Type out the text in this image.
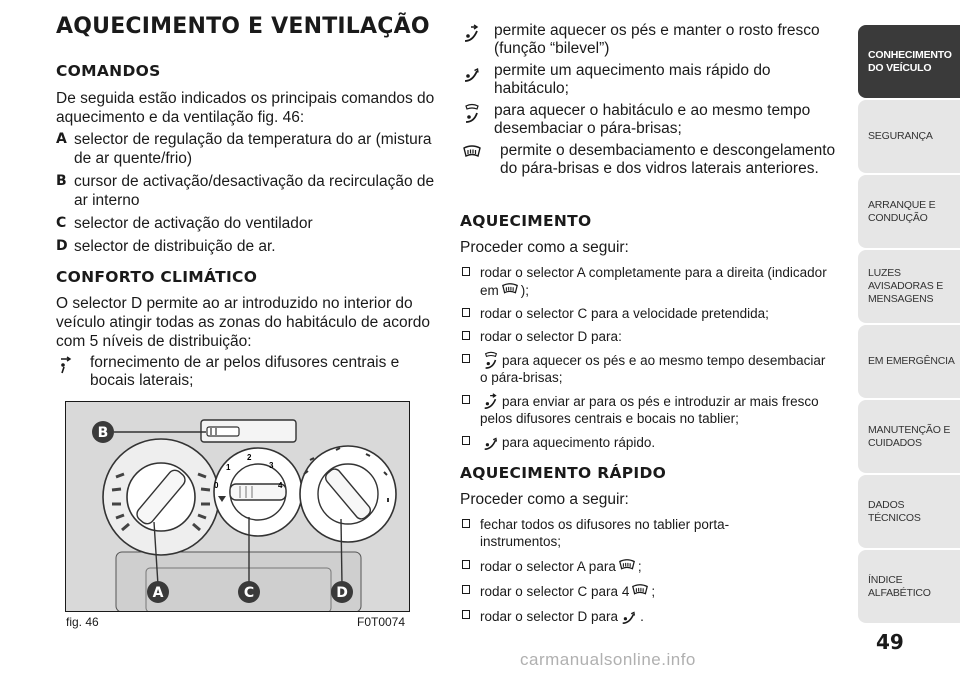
AQUECIMENTO E VENTILAÇÃO
COMANDOS

De seguida estão indicados os principais comandos do aquecimento e da ventilação fig. 46:

A selector de regulação da temperatura do ar (mistura de ar quente/frio)
B cursor de activação/desactivação da recirculação de ar interno
C selector de activação do ventilador
D selector de distribuição de ar.
CONFORTO CLIMÁTICO

O selector D permite ao ar introduzido no interior do veículo atingir todas as zonas do habitáculo de acordo com 5 níveis de distribuição:

fornecimento de ar pelos difusores centrais e bocais laterais;
0
1
2
3
4
B
A	C	D
fig. 46	F0T0074
permite aquecer os pés e manter o rosto fresco (função “bilevel”)
permite um aquecimento mais rápido do habitáculo;
para aquecer o habitáculo e ao mesmo tempo desembaciar o pára-brisas;
permite o desembaciamento e descongelamento do pára-brisas e dos vidros laterais anteriores.
AQUECIMENTO

Proceder como a seguir:

rodar o selector A completamente para a direita (indicador em );
rodar o selector C para a velocidade pretendida;
rodar o selector D para:
para aquecer os pés e ao mesmo tempo desembaciar o pára-brisas;
para enviar ar para os pés e introduzir ar mais fresco pelos difusores centrais e bocais no tablier;
para aquecimento rápido.
AQUECIMENTO RÁPIDO

Proceder como a seguir:

fechar todos os difusores no tablier porta-instrumentos;
rodar o selector A para ;
rodar o selector C para 4 ;
rodar o selector D para .
CONHECIMENTO DO VEÍCULO
SEGURANÇA
ARRANQUE E CONDUÇÃO
LUZES AVISADORAS E MENSAGENS
EM EMERGÊNCIA
MANUTENÇÃO E CUIDADOS
DADOS TÉCNICOS
ÍNDICE ALFABÉTICO
49
carmanualsonline.info
